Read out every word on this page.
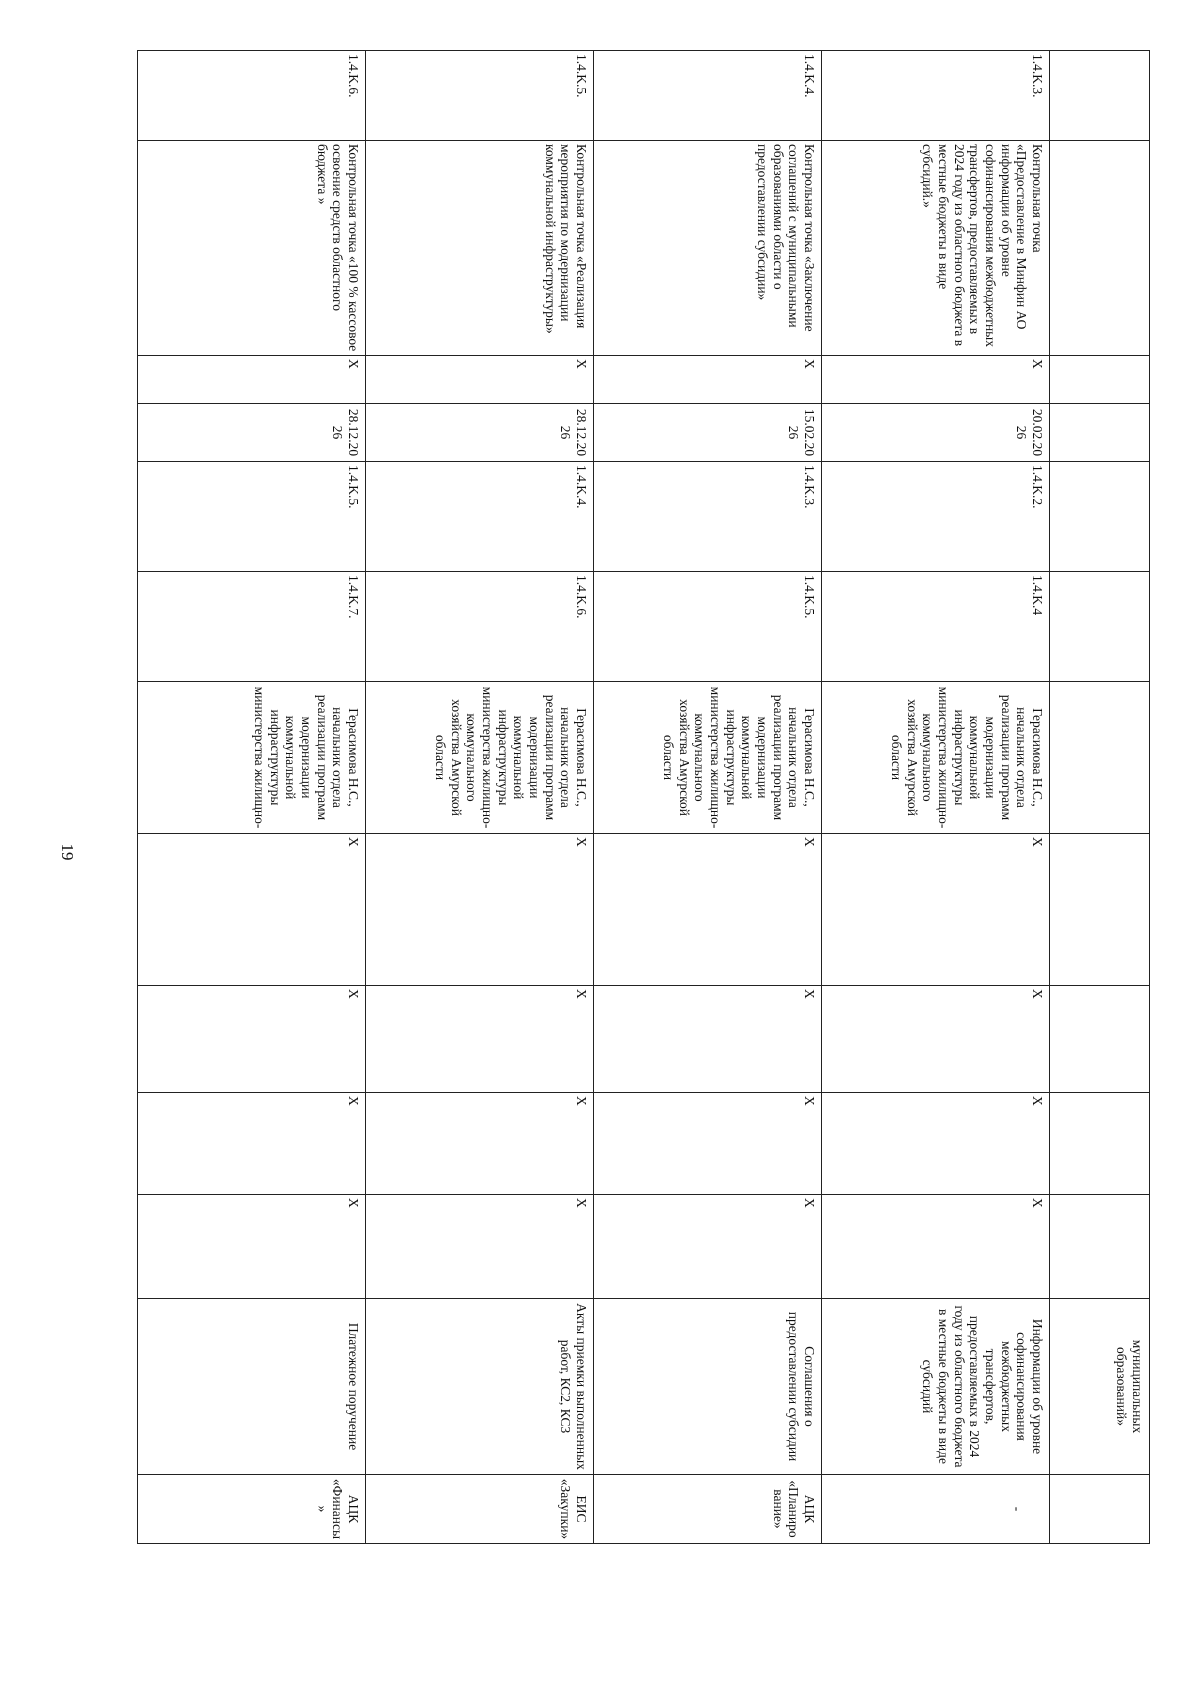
19
											муниципальных образований»	
1.4.K.3.	Контрольная точка «Предоставление в Минфин АО информации об уровне софинансирования межбюджетных трансфертов, предоставляемых в 2024 году из областного бюджета в местные бюджеты в виде субсидий.»	X	20.02.2026	1.4.K.2.	1.4.K.4	Герасимова Н.С., начальник отдела реализации программ модернизации коммунальной инфраструктуры министерства жилищно-коммунального хозяйства Амурской области	X	X	X	X	Информации об уровне софинансирования межбюджетных трансфертов, предоставляемых в 2024 году из областного бюджета в местные бюджеты в виде субсидий	-

1.4.K.4.	Контрольная точка «Заключение соглашений с муниципальными образованиями области о предоставлении субсидии»	X	15.02.2026	1.4.K.3.	1.4.K.5.	Герасимова Н.С., начальник отдела реализации программ модернизации коммунальной инфраструктуры министерства жилищно-коммунального хозяйства Амурской области	X	X	X	X	Соглашения о предоставлении субсидии	АЦК «Планирование»
1.4.K.5.	Контрольная точка «Реализация мероприятия по модернизации коммунальной инфраструктуры»	X	28.12.2026	1.4.K.4.	1.4.K.6.	Герасимова Н.С., начальник отдела реализации программ модернизации коммунальной инфраструктуры министерства жилищно-коммунального хозяйства Амурской области	X	X	X	X	Акты приемки выполненных работ, КС2, КС3	ЕИС «Закупки»
1.4.K.6.	Контрольная точка «100 % кассовое освоение средств областного бюджета »	X	28.12.2026	1.4.K.5.	1.4.K.7.	Герасимова Н.С., начальник отдела реализации программ модернизации коммунальной инфраструктуры министерства жилищно-	X	X	X	X	Платежное поручение	АЦК «Финансы»
